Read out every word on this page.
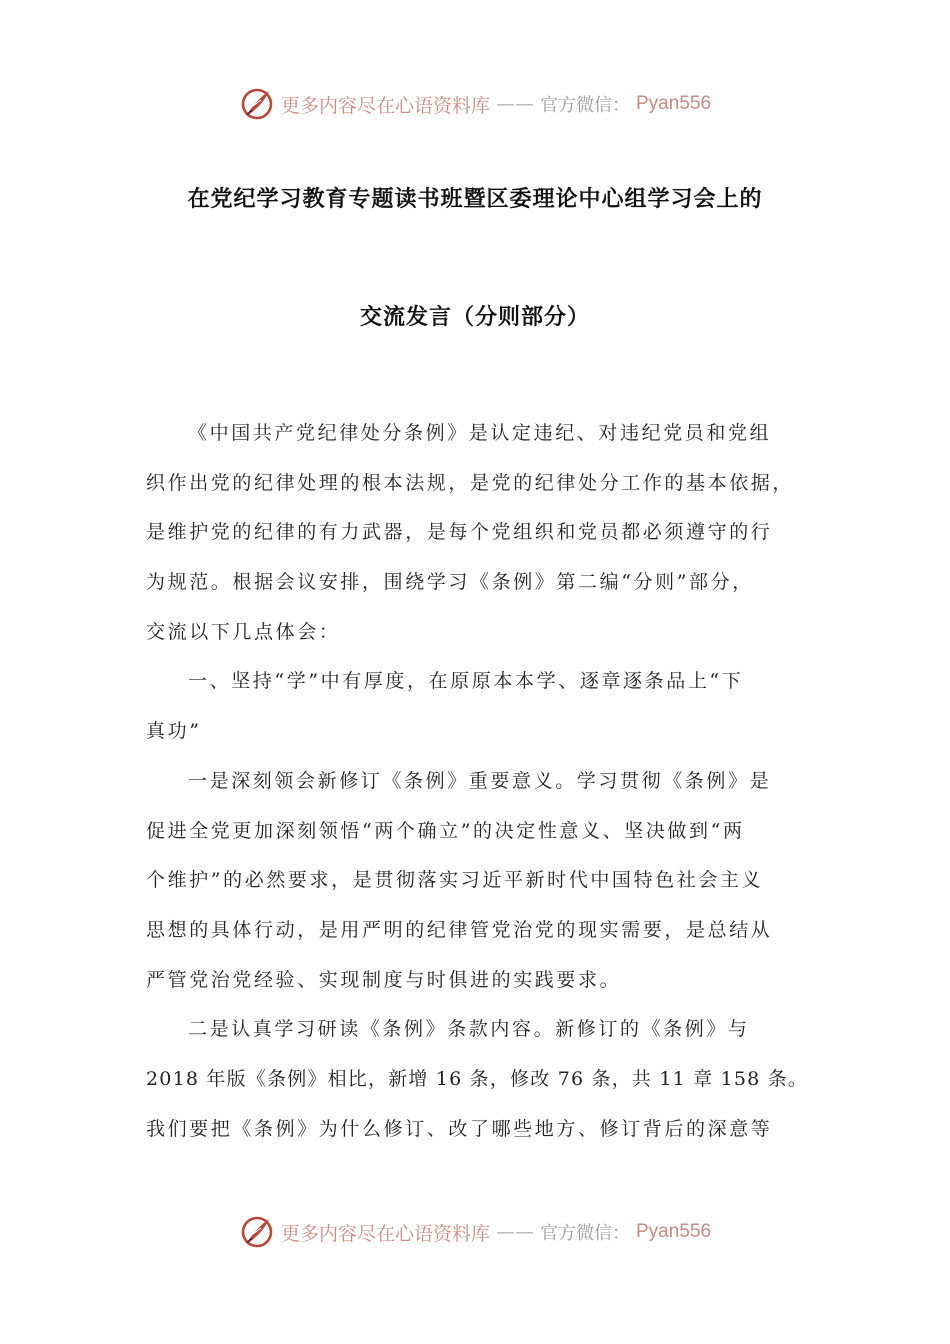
更多内容尽在心语资料库 —— 官方微信： Pyan556
在党纪学习教育专题读书班暨区委理论中心组学习会上的
交流发言（分则部分）
《中国共产党纪律处分条例》是认定违纪、对违纪党员和党组
织作出党的纪律处理的根本法规，是党的纪律处分工作的基本依据，
是维护党的纪律的有力武器，是每个党组织和党员都必须遵守的行
为规范。根据会议安排，围绕学习《条例》第二编“分则”部分，
交流以下几点体会：
一、坚持“学”中有厚度，在原原本本学、逐章逐条品上“下
真功”
一是深刻领会新修订《条例》重要意义。学习贯彻《条例》是
促进全党更加深刻领悟“两个确立”的决定性意义、坚决做到“两
个维护”的必然要求，是贯彻落实习近平新时代中国特色社会主义
思想的具体行动，是用严明的纪律管党治党的现实需要，是总结从
严管党治党经验、实现制度与时俱进的实践要求。
二是认真学习研读《条例》条款内容。新修订的《条例》与
2018 年版《条例》相比，新增 16 条，修改 76 条，共 11 章 158 条。
我们要把《条例》为什么修订、改了哪些地方、修订背后的深意等
更多内容尽在心语资料库 —— 官方微信： Pyan556
